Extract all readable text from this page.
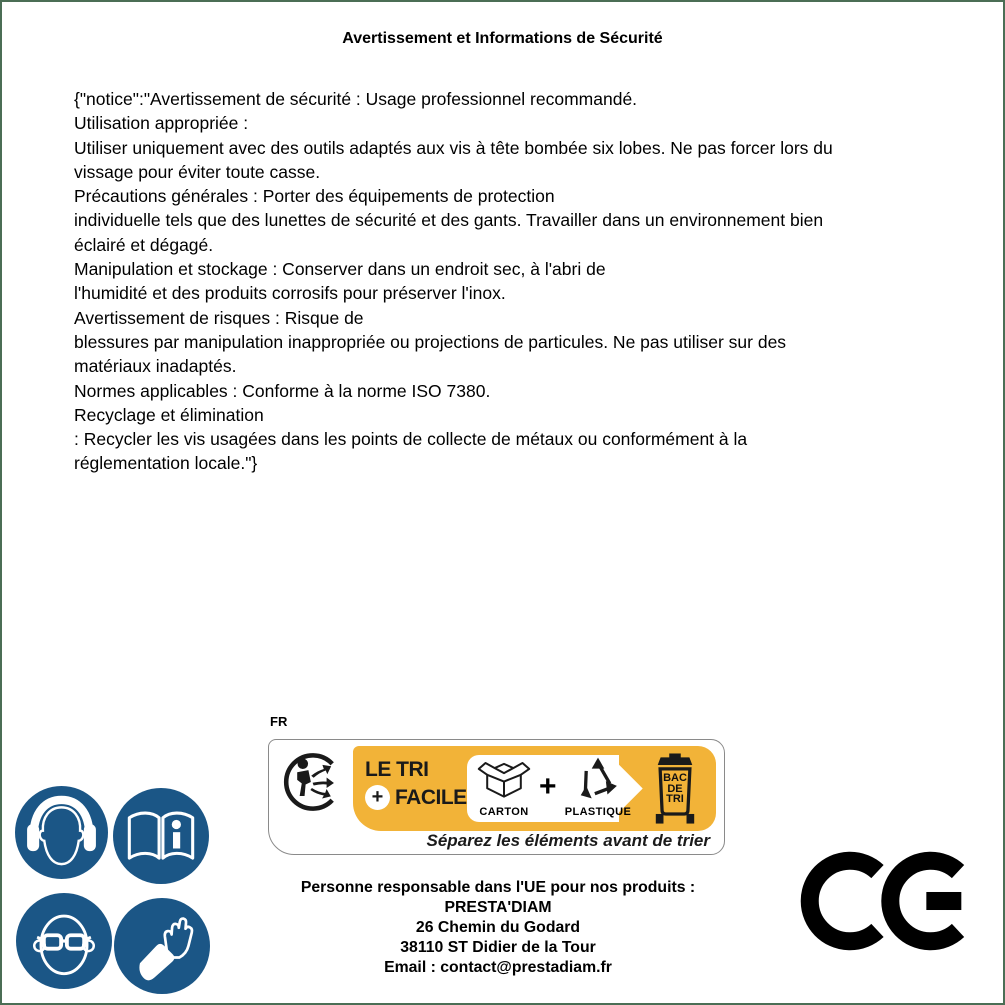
Avertissement et Informations de Sécurité
{"notice":"Avertissement de sécurité : Usage professionnel recommandé.
Utilisation appropriée :
Utiliser uniquement avec des outils adaptés aux vis à tête bombée six lobes. Ne pas forcer lors du
vissage pour éviter toute casse.
Précautions générales : Porter des équipements de protection
individuelle tels que des lunettes de sécurité et des gants. Travailler dans un environnement bien
éclairé et dégagé.
Manipulation et stockage : Conserver dans un endroit sec, à l'abri de
l'humidité et des produits corrosifs pour préserver l'inox.
Avertissement de risques : Risque de
blessures par manipulation inappropriée ou projections de particules. Ne pas utiliser sur des
matériaux inadaptés.
Normes applicables : Conforme à la norme ISO 7380.
Recyclage et élimination
: Recycler les vis usagées dans les points de collecte de métaux ou conformément à la
réglementation locale."}
FR
LE TRI
+ FACILE
CARTON
+
PLASTIQUE
BAC
DE
TRI
Séparez les éléments avant de trier
Personne responsable dans l'UE pour nos produits :
PRESTA'DIAM
26 Chemin du Godard
38110 ST Didier de la Tour
Email : contact@prestadiam.fr
